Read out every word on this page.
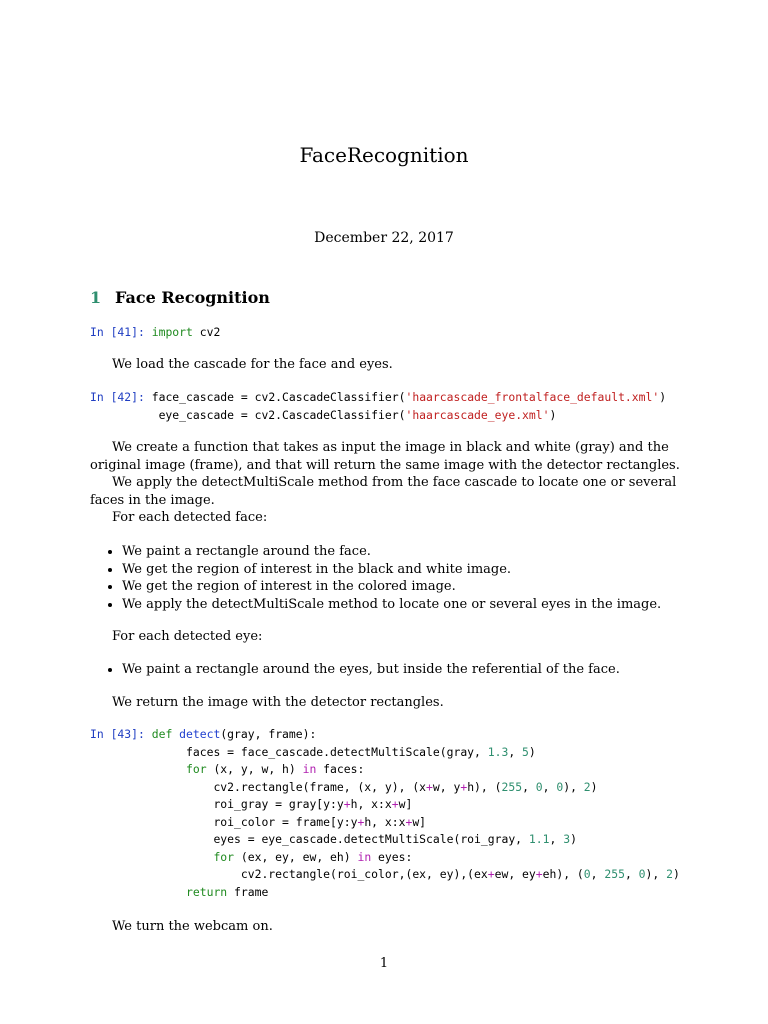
FaceRecognition
December 22, 2017
1 Face Recognition
In [41]: import cv2

We load the cascade for the face and eyes.

In [42]: face_cascade = cv2.CascadeClassifier('haarcascade_frontalface_default.xml')
eye_cascade = cv2.CascadeClassifier('haarcascade_eye.xml')

We create a function that takes as input the image in black and white (gray) and the original image (frame), and that will return the same image with the detector rectangles.

We apply the detectMultiScale method from the face cascade to locate one or several faces in the image.

For each detected face:

• We paint a rectangle around the face.
• We get the region of interest in the black and white image.
• We get the region of interest in the colored image.
• We apply the detectMultiScale method to locate one or several eyes in the image.

For each detected eye:

• We paint a rectangle around the eyes, but inside the referential of the face.

We return the image with the detector rectangles.

In [43]: def detect(gray, frame):
faces = face_cascade.detectMultiScale(gray, 1.3, 5)
for (x, y, w, h) in faces:
cv2.rectangle(frame, (x, y), (x+w, y+h), (255, 0, 0), 2)
roi_gray = gray[y:y+h, x:x+w]
roi_color = frame[y:y+h, x:x+w]
eyes = eye_cascade.detectMultiScale(roi_gray, 1.1, 3)
for (ex, ey, ew, eh) in eyes:
cv2.rectangle(roi_color,(ex, ey),(ex+ew, ey+eh), (0, 255, 0), 2)
return frame

We turn the webcam on.

1
